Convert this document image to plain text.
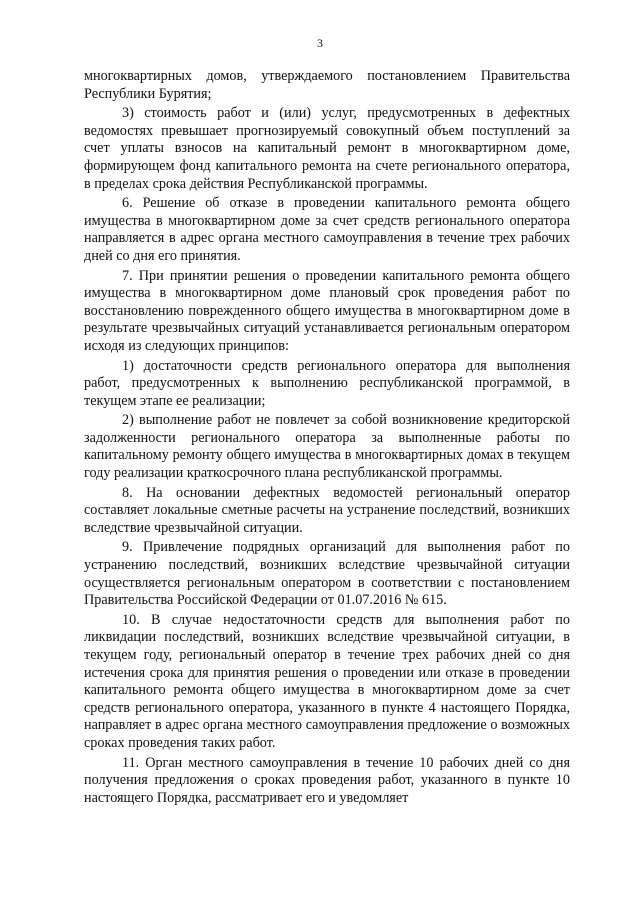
3

многоквартирных домов, утверждаемого постановлением Правительства Республики Бурятия;

3) стоимость работ и (или) услуг, предусмотренных в дефектных ведомостях превышает прогнозируемый совокупный объем поступлений за счет уплаты взносов на капитальный ремонт в многоквартирном доме, формирующем фонд капитального ремонта на счете регионального оператора, в пределах срока действия Республиканской программы.

6. Решение об отказе в проведении капитального ремонта общего имущества в многоквартирном доме за счет средств регионального оператора направляется в адрес органа местного самоуправления в течение трех рабочих дней со дня его принятия.

7. При принятии решения о проведении капитального ремонта общего имущества в многоквартирном доме плановый срок проведения работ по восстановлению поврежденного общего имущества в многоквартирном доме в результате чрезвычайных ситуаций устанавливается региональным оператором исходя из следующих принципов:

1) достаточности средств регионального оператора для выполнения работ, предусмотренных к выполнению республиканской программой, в текущем этапе ее реализации;

2) выполнение работ не повлечет за собой возникновение кредиторской задолженности регионального оператора за выполненные работы по капитальному ремонту общего имущества в многоквартирных домах в текущем году реализации краткосрочного плана республиканской программы.

8. На основании дефектных ведомостей региональный оператор составляет локальные сметные расчеты на устранение последствий, возникших вследствие чрезвычайной ситуации.

9. Привлечение подрядных организаций для выполнения работ по устранению последствий, возникших вследствие чрезвычайной ситуации осуществляется региональным оператором в соответствии с постановлением Правительства Российской Федерации от 01.07.2016 № 615.

10. В случае недостаточности средств для выполнения работ по ликвидации последствий, возникших вследствие чрезвычайной ситуации, в текущем году, региональный оператор в течение трех рабочих дней со дня истечения срока для принятия решения о проведении или отказе в проведении капитального ремонта общего имущества в многоквартирном доме за счет средств регионального оператора, указанного в пункте 4 настоящего Порядка, направляет в адрес органа местного самоуправления предложение о возможных сроках проведения таких работ.

11. Орган местного самоуправления в течение 10 рабочих дней со дня получения предложения о сроках проведения работ, указанного в пункте 10 настоящего Порядка, рассматривает его и уведомляет
